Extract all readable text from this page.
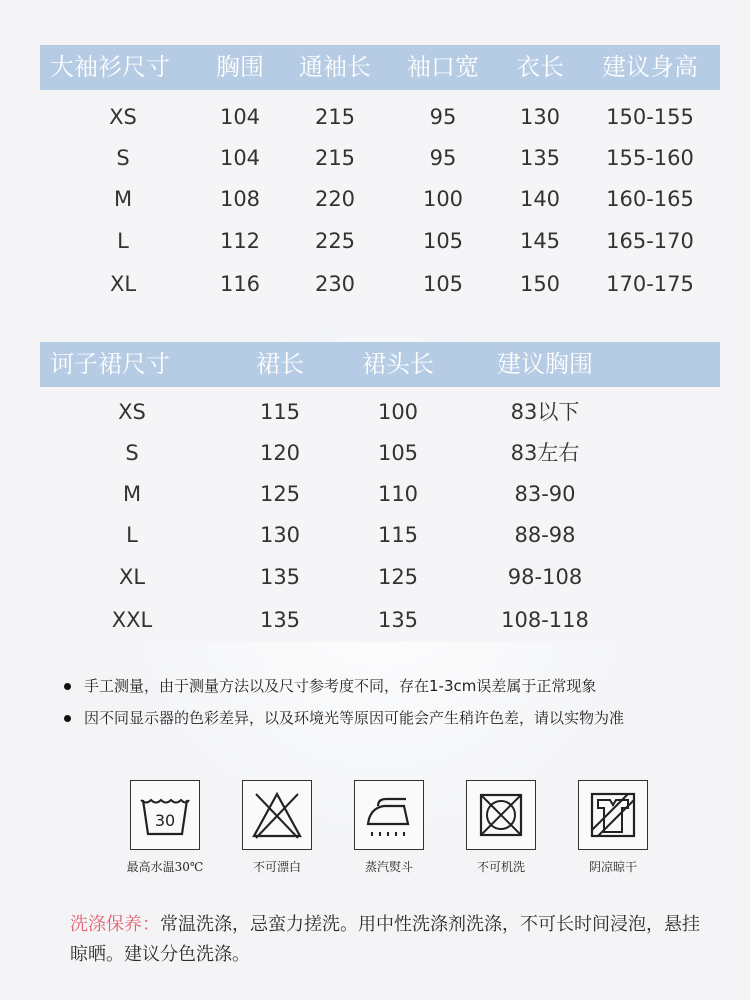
大袖衫尺寸	胸围	通袖长	袖口宽	衣长	建议身高
XS	104	215	95	130	150-155
S	104	215	95	135	155-160
M	108	220	100	140	160-165
L	112	225	105	145	165-170
XL	116	230	105	150	170-175
诃子裙尺寸	裙长	裙头长	建议胸围
XS	115	100	83以下
S	120	105	83左右
M	125	110	83-90
L	130	115	88-98
XL	135	125	98-108
XXL	135	135	108-118
手工测量，由于测量方法以及尺寸参考度不同，存在1-3cm误差属于正常现象
因不同显示器的色彩差异，以及环境光等原因可能会产生稍许色差，请以实物为准
30
最高水温30℃	不可漂白	蒸汽熨斗	不可机洗	阴凉晾干
洗涤保养：常温洗涤，忌蛮力搓洗。用中性洗涤剂洗涤，不可长时间浸泡，悬挂晾晒。建议分色洗涤。
